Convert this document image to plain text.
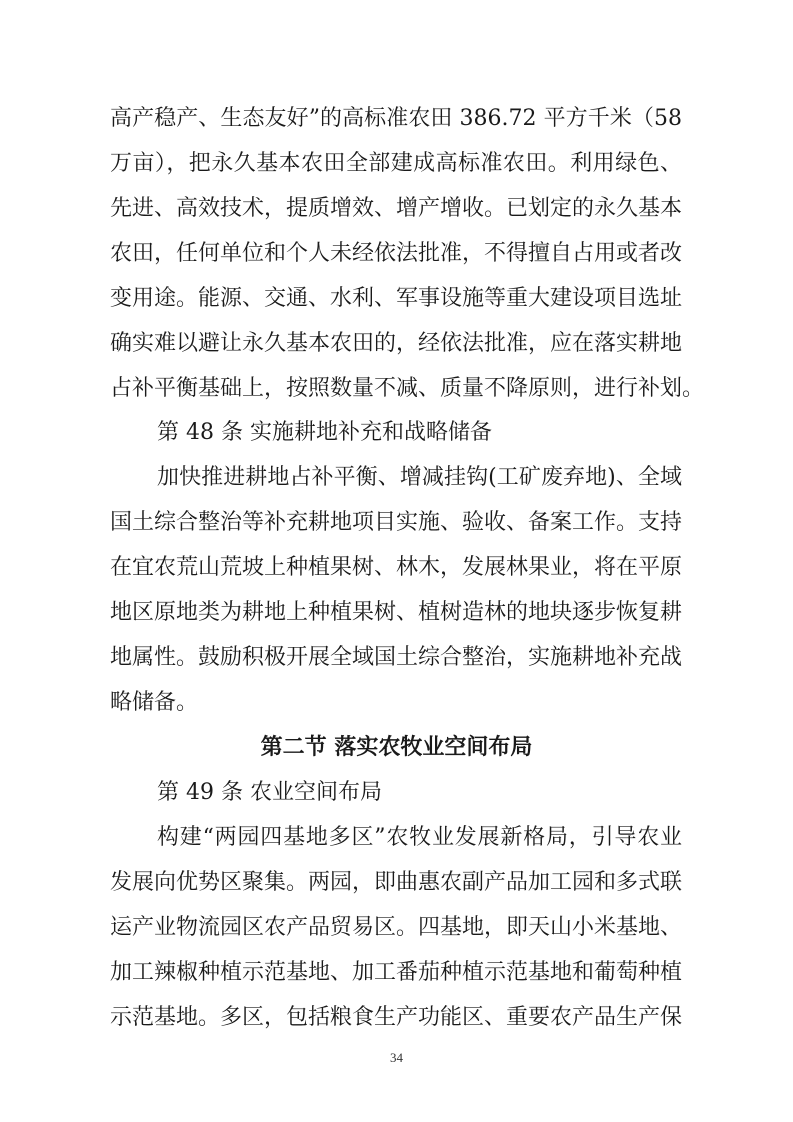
高产稳产、生态友好”的高标准农田 386.72 平方千米（58
万亩），把永久基本农田全部建成高标准农田。利用绿色、
先进、高效技术，提质增效、增产增收。已划定的永久基本
农田，任何单位和个人未经依法批准，不得擅自占用或者改
变用途。能源、交通、水利、军事设施等重大建设项目选址
确实难以避让永久基本农田的，经依法批准，应在落实耕地
占补平衡基础上，按照数量不减、质量不降原则，进行补划。
第 48 条 实施耕地补充和战略储备
加快推进耕地占补平衡、增减挂钩(工矿废弃地)、全域
国土综合整治等补充耕地项目实施、验收、备案工作。支持
在宜农荒山荒坡上种植果树、林木，发展林果业，将在平原
地区原地类为耕地上种植果树、植树造林的地块逐步恢复耕
地属性。鼓励积极开展全域国土综合整治，实施耕地补充战
略储备。
第二节 落实农牧业空间布局
第 49 条 农业空间布局
构建“两园四基地多区”农牧业发展新格局，引导农业
发展向优势区聚集。两园，即曲惠农副产品加工园和多式联
运产业物流园区农产品贸易区。四基地，即天山小米基地、
加工辣椒种植示范基地、加工番茄种植示范基地和葡萄种植
示范基地。多区，包括粮食生产功能区、重要农产品生产保
34
